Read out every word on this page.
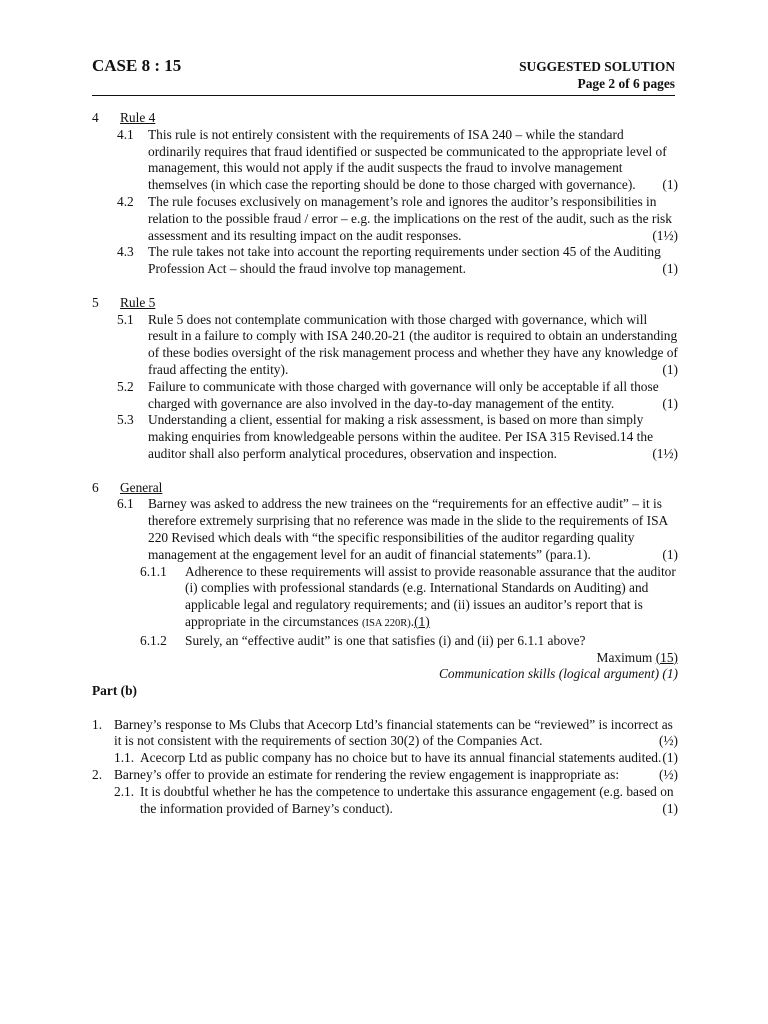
CASE 8 : 15	SUGGESTED SOLUTION
Page 2 of 6 pages
4 Rule 4
4.1 This rule is not entirely consistent with the requirements of ISA 240 – while the standard ordinarily requires that fraud identified or suspected be communicated to the appropriate level of management, this would not apply if the audit suspects the fraud to involve management themselves (in which case the reporting should be done to those charged with governance). (1)
4.2 The rule focuses exclusively on management’s role and ignores the auditor’s responsibilities in relation to the possible fraud / error – e.g. the implications on the rest of the audit, such as the risk assessment and its resulting impact on the audit responses.	(1½)
4.3 The rule takes not take into account the reporting requirements under section 45 of the Auditing Profession Act – should the fraud involve top management.	(1)
5 Rule 5
5.1 Rule 5 does not contemplate communication with those charged with governance, which will result in a failure to comply with ISA 240.20-21 (the auditor is required to obtain an understanding of these bodies oversight of the risk management process and whether they have any knowledge of fraud affecting the entity).	(1)
5.2 Failure to communicate with those charged with governance will only be acceptable if all those charged with governance are also involved in the day-to-day management of the entity.	(1)
5.3 Understanding a client, essential for making a risk assessment, is based on more than simply making enquiries from knowledgeable persons within the auditee. Per ISA 315 Revised.14 the auditor shall also perform analytical procedures, observation and inspection.	(1½)
6 General
6.1 Barney was asked to address the new trainees on the “requirements for an effective audit” – it is therefore extremely surprising that no reference was made in the slide to the requirements of ISA 220 Revised which deals with “the specific responsibilities of the auditor regarding quality management at the engagement level for an audit of financial statements” (para.1).	(1)
6.1.1 Adherence to these requirements will assist to provide reasonable assurance that the auditor (i) complies with professional standards (e.g. International Standards on Auditing) and applicable legal and regulatory requirements; and (ii) issues an auditor’s report that is appropriate in the circumstances (ISA 220R).(1)
6.1.2 Surely, an “effective audit” is one that satisfies (i) and (ii) per 6.1.1 above?
Maximum (15)
Communication skills (logical argument) (1)
Part (b)
1. Barney’s response to Ms Clubs that Acecorp Ltd’s financial statements can be “reviewed” is incorrect as it is not consistent with the requirements of section 30(2) of the Companies Act.	(½)
1.1. Acecorp Ltd as public company has no choice but to have its annual financial statements audited. (1)
2. Barney’s offer to provide an estimate for rendering the review engagement is inappropriate as:	(½)
2.1. It is doubtful whether he has the competence to undertake this assurance engagement (e.g. based on the information provided of Barney’s conduct).	(1)
